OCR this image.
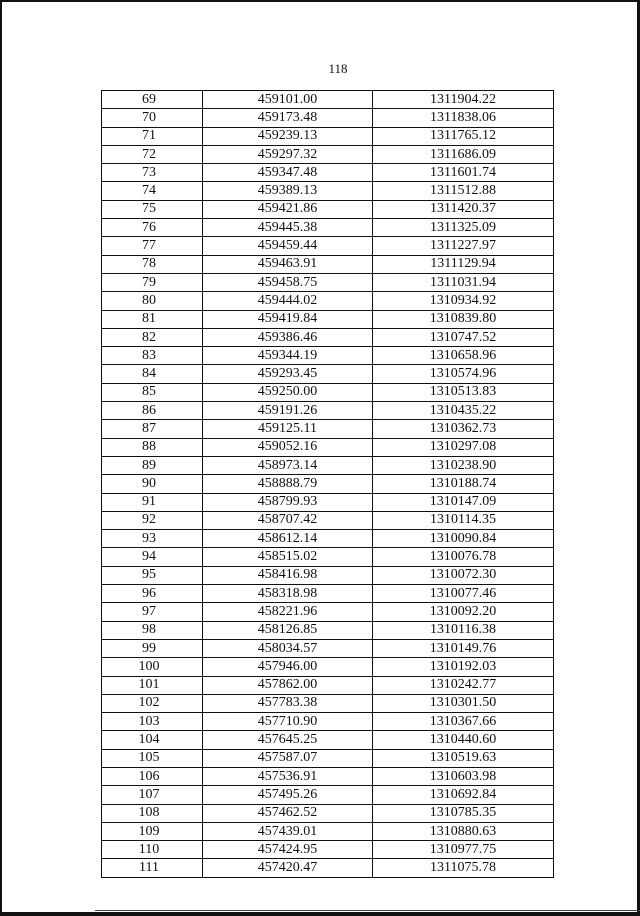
118
69	459101.00	1311904.22
70	459173.48	1311838.06
71	459239.13	1311765.12
72	459297.32	1311686.09
73	459347.48	1311601.74
74	459389.13	1311512.88
75	459421.86	1311420.37
76	459445.38	1311325.09
77	459459.44	1311227.97
78	459463.91	1311129.94
79	459458.75	1311031.94
80	459444.02	1310934.92
81	459419.84	1310839.80
82	459386.46	1310747.52
83	459344.19	1310658.96
84	459293.45	1310574.96
85	459250.00	1310513.83
86	459191.26	1310435.22
87	459125.11	1310362.73
88	459052.16	1310297.08
89	458973.14	1310238.90
90	458888.79	1310188.74
91	458799.93	1310147.09
92	458707.42	1310114.35
93	458612.14	1310090.84
94	458515.02	1310076.78
95	458416.98	1310072.30
96	458318.98	1310077.46
97	458221.96	1310092.20
98	458126.85	1310116.38
99	458034.57	1310149.76
100	457946.00	1310192.03
101	457862.00	1310242.77
102	457783.38	1310301.50
103	457710.90	1310367.66
104	457645.25	1310440.60
105	457587.07	1310519.63
106	457536.91	1310603.98
107	457495.26	1310692.84
108	457462.52	1310785.35
109	457439.01	1310880.63
110	457424.95	1310977.75
111	457420.47	1311075.78
